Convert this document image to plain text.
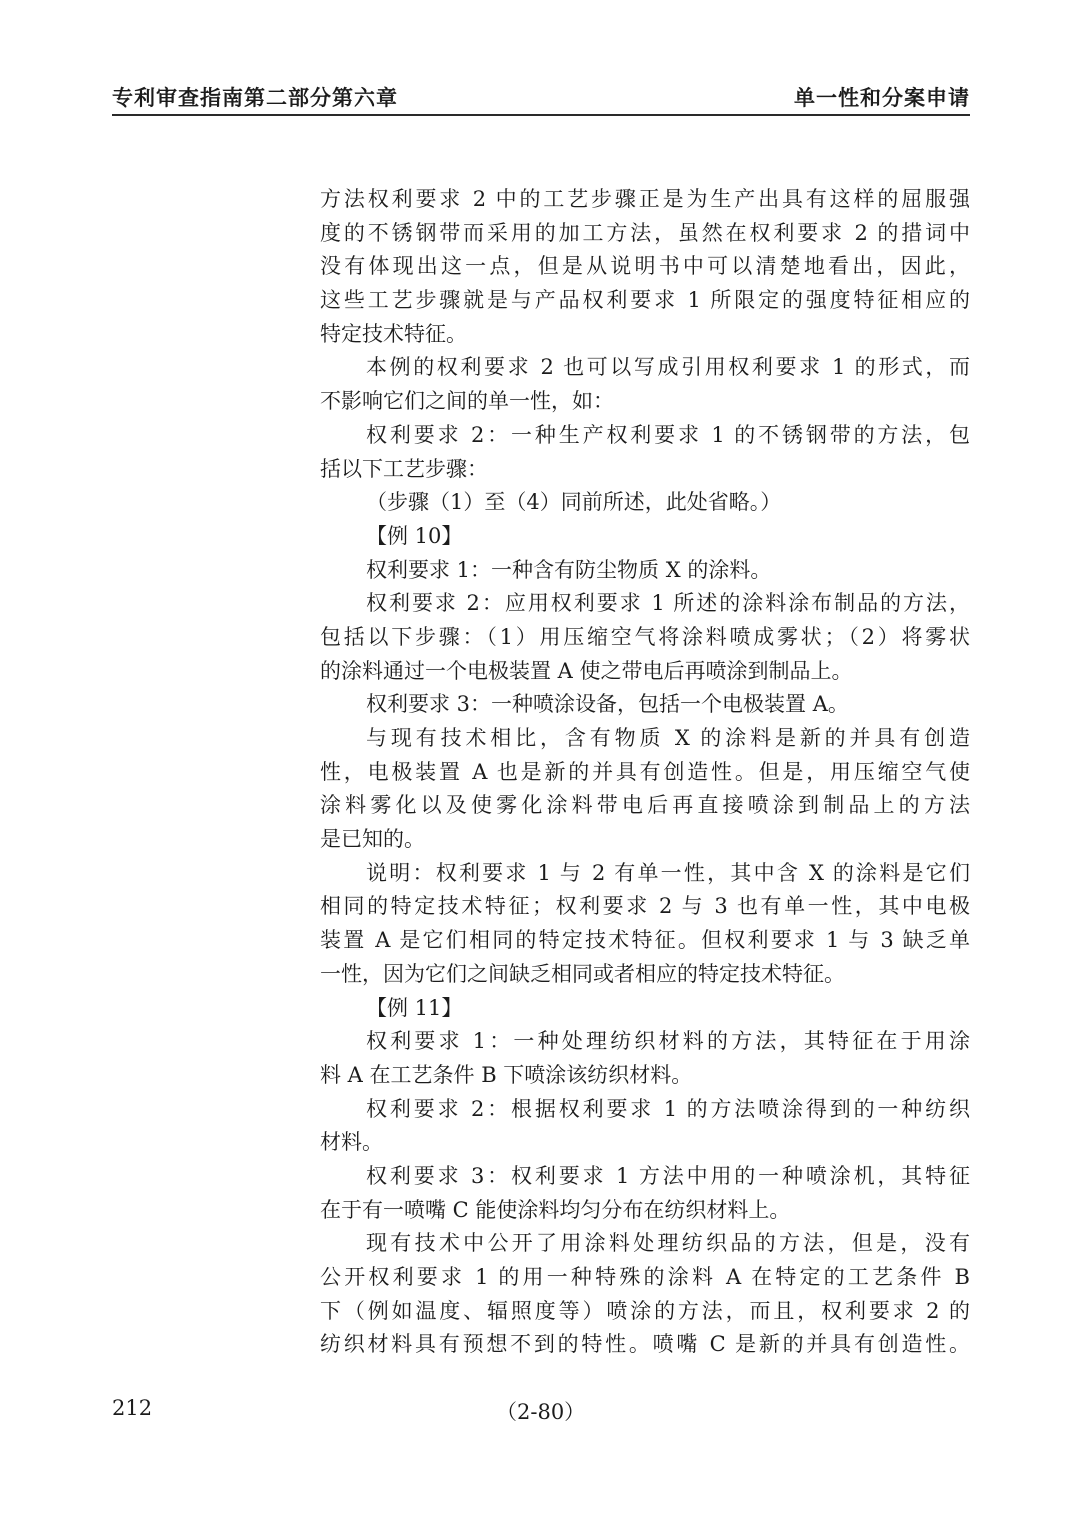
专利审查指南第二部分第六章	单一性和分案申请
方法权利要求 2 中的工艺步骤正是为生产出具有这样的屈服强
度的不锈钢带而采用的加工方法，虽然在权利要求 2 的措词中
没有体现出这一点，但是从说明书中可以清楚地看出，因此，
这些工艺步骤就是与产品权利要求 1 所限定的强度特征相应的
特定技术特征。
本例的权利要求 2 也可以写成引用权利要求 1 的形式，而
不影响它们之间的单一性，如：
权利要求 2：一种生产权利要求 1 的不锈钢带的方法，包
括以下工艺步骤：
（步骤（1）至（4）同前所述，此处省略。）
【例 10】
权利要求 1：一种含有防尘物质 X 的涂料。
权利要求 2：应用权利要求 1 所述的涂料涂布制品的方法，
包括以下步骤：（1）用压缩空气将涂料喷成雾状；（2）将雾状
的涂料通过一个电极装置 A 使之带电后再喷涂到制品上。
权利要求 3：一种喷涂设备，包括一个电极装置 A。
与现有技术相比，含有物质 X 的涂料是新的并具有创造
性，电极装置 A 也是新的并具有创造性。但是，用压缩空气使
涂料雾化以及使雾化涂料带电后再直接喷涂到制品上的方法
是已知的。
说明：权利要求 1 与 2 有单一性，其中含 X 的涂料是它们
相同的特定技术特征；权利要求 2 与 3 也有单一性，其中电极
装置 A 是它们相同的特定技术特征。但权利要求 1 与 3 缺乏单
一性，因为它们之间缺乏相同或者相应的特定技术特征。
【例 11】
权利要求 1：一种处理纺织材料的方法，其特征在于用涂
料 A 在工艺条件 B 下喷涂该纺织材料。
权利要求 2：根据权利要求 1 的方法喷涂得到的一种纺织
材料。
权利要求 3：权利要求 1 方法中用的一种喷涂机，其特征
在于有一喷嘴 C 能使涂料均匀分布在纺织材料上。
现有技术中公开了用涂料处理纺织品的方法，但是，没有
公开权利要求 1 的用一种特殊的涂料 A 在特定的工艺条件 B
下（例如温度、辐照度等）喷涂的方法，而且，权利要求 2 的
纺织材料具有预想不到的特性。喷嘴 C 是新的并具有创造性。
212	（2-80）
